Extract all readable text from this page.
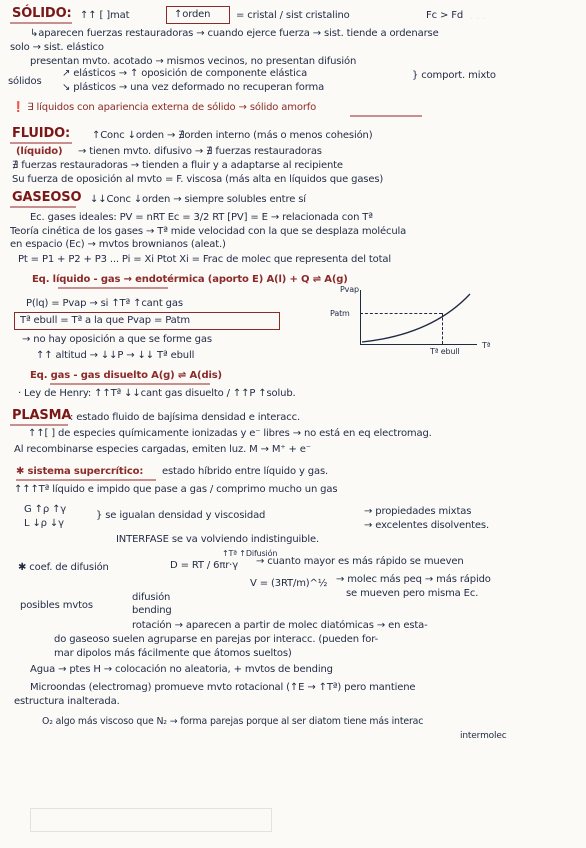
· · ·
SÓLIDO: ↑↑ [ ]mat	↑orden	= cristal / sist cristalino	Fc > Fd
↳aparecen fuerzas restauradoras → cuando ejerce fuerza → sist. tiende a ordenarse
solo → sist. elástico
presentan mvto. acotado → mismos vecinos, no presentan difusión
sólidos
↗ elásticos → ↑ oposición de componente elástica
↘ plásticos → una vez deformado no recuperan forma
} comport. mixto
❗ ∃ líquidos con apariencia externa de sólido → sólido amorfo
FLUIDO: ↑Conc ↓orden → ∄orden interno (más o menos cohesión)
(líquido) → tienen mvto. difusivo → ∄ fuerzas restauradoras
∄ fuerzas restauradoras → tienden a fluir y a adaptarse al recipiente
Su fuerza de oposición al mvto = F. viscosa (más alta en líquidos que gases)
GASEOSO ↓↓Conc ↓orden → siempre solubles entre sí
Ec. gases ideales: PV = nRT Ec = 3/2 RT [PV] = E → relacionada con Tª
Teoría cinética de los gases → Tª mide velocidad con la que se desplaza molécula
en espacio (Ec) → mvtos brownianos (aleat.)
Pt = P1 + P2 + P3 ... Pi = Xi Ptot Xi = Frac de molec que representa del total
Eq. líquido - gas → endotérmica (aporto E) A(l) + Q ⇌ A(g)
P(lq) = Pvap → si ↑Tª ↑cant gas
Tª ebull = Tª a la que Pvap = Patm
→ no hay oposición a que se forme gas
↑↑ altitud → ↓↓P → ↓↓ Tª ebull
Eq. gas - gas disuelto A(g) ⇌ A(dis)
· Ley de Henry: ↑↑Tª ↓↓cant gas disuelto / ↑↑P ↑solub.
Pvap
Patm
Tª ebull
Tª
PLASMA
: estado fluido de bajísima densidad e interacc.
↑↑[ ] de especies químicamente ionizadas y e⁻ libres → no está en eq electromag.
Al recombinarse especies cargadas, emiten luz. M → M⁺ + e⁻
✱ sistema supercrítico: estado híbrido entre líquido y gas.
↑↑↑Tª líquido e impido que pase a gas / comprimo mucho un gas
G ↑ρ ↑γ
L ↓ρ ↓γ
} se igualan densidad y viscosidad	→ propiedades mixtas
→ excelentes disolventes.
INTERFASE se va volviendo indistinguible.
↑Tª ↑Difusión
✱ coef. de difusión	D = RT / 6πr·γ → cuanto mayor es más rápido se mueven
V = (3RT/m)^½ → molec más peq → más rápido
se mueven pero misma Ec.
posibles mvtos
difusión
bending
rotación → aparecen a partir de molec diatómicas → en esta-
do gaseoso suelen agruparse en parejas por interacc. (pueden for-
mar dipolos más fácilmente que átomos sueltos)
Agua → ptes H → colocación no aleatoria, + mvtos de bending
Microondas (electromag) promueve mvto rotacional (↑E → ↑Tª) pero mantiene
estructura inalterada.
O₂ algo más viscoso que N₂ → forma parejas porque al ser diatom tiene más interac
intermolec
